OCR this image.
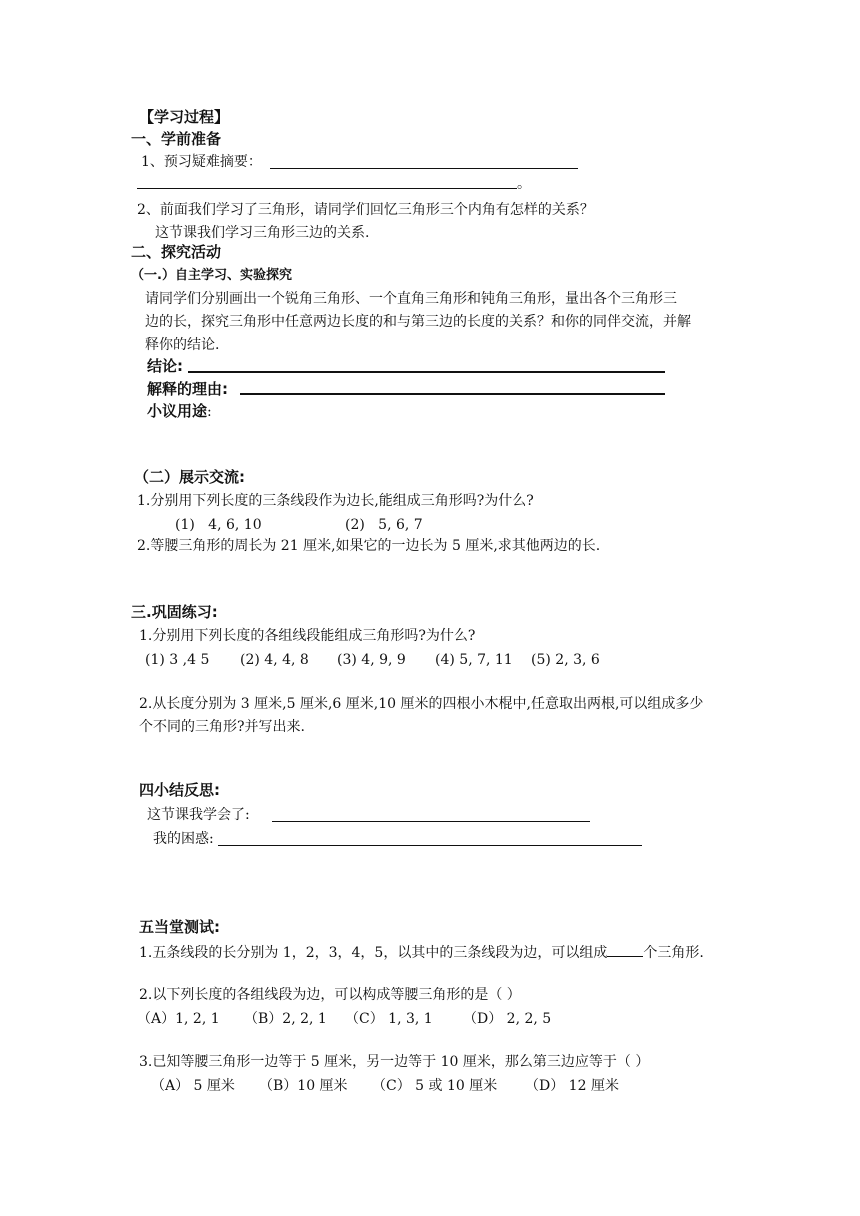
【学习过程】
一、学前准备
1、预习疑难摘要：
。
2、前面我们学习了三角形，请同学们回忆三角形三个内角有怎样的关系？
这节课我们学习三角形三边的关系.
二、探究活动
（一.）自主学习、实验探究
请同学们分别画出一个锐角三角形、一个直角三角形和钝角三角形，量出各个三角形三
边的长，探究三角形中任意两边长度的和与第三边的长度的关系？和你的同伴交流，并解
释你的结论.
结论:
解释的理由:
小议用途:
（二）展示交流:
1.分别用下列长度的三条线段作为边长,能组成三角形吗?为什么?
(1)   4, 6, 10	(2)   5, 6, 7
2.等腰三角形的周长为 21 厘米,如果它的一边长为 5 厘米,求其他两边的长.
三.巩固练习:
1.分别用下列长度的各组线段能组成三角形吗?为什么?
(1) 3 ,4 5 (2) 4, 4, 8 (3) 4, 9, 9 (4) 5, 7, 11 (5) 2, 3, 6
2.从长度分别为 3 厘米,5 厘米,6 厘米,10 厘米的四根小木棍中,任意取出两根,可以组成多少
个不同的三角形?并写出来.
四小结反思:
这节课我学会了:
我的困惑:
五当堂测试:
1.五条线段的长分别为 1，2，3，4，5，以其中的三条线段为边，可以组成	个三角形.
2.以下列长度的各组线段为边，可以构成等腰三角形的是（ ）
（A）1, 2, 1 （B）2, 2, 1 （C） 1, 3, 1 （D） 2, 2, 5
3.已知等腰三角形一边等于 5 厘米，另一边等于 10 厘米，那么第三边应等于（ ）
（A） 5 厘米 （B）10 厘米 （C） 5 或 10 厘米 （D） 12 厘米
